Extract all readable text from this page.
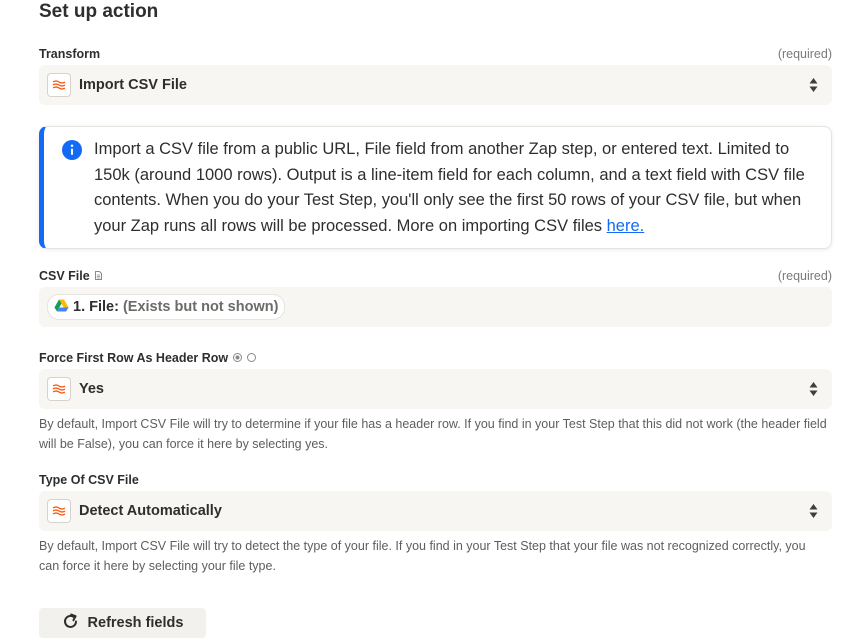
Set up action
Transform	(required)
Import CSV File

Import a CSV file from a public URL, File field from another Zap step, or entered text. Limited to 150k (around 1000 rows). Output is a line-item field for each column, and a text field with CSV file contents. When you do your Test Step, you'll only see the first 50 rows of your CSV file, but when your Zap runs all rows will be processed. More on importing CSV files here.

CSV File	(required)
1. File: (Exists but not shown)
Force First Row As Header Row
Yes

By default, Import CSV File will try to determine if your file has a header row. If you find in your Test Step that this did not work (the header field will be False), you can force it here by selecting yes.

Type Of CSV File
Detect Automatically

By default, Import CSV File will try to detect the type of your file. If you find in your Test Step that your file was not recognized correctly, you can force it here by selecting your file type.

Refresh fields
